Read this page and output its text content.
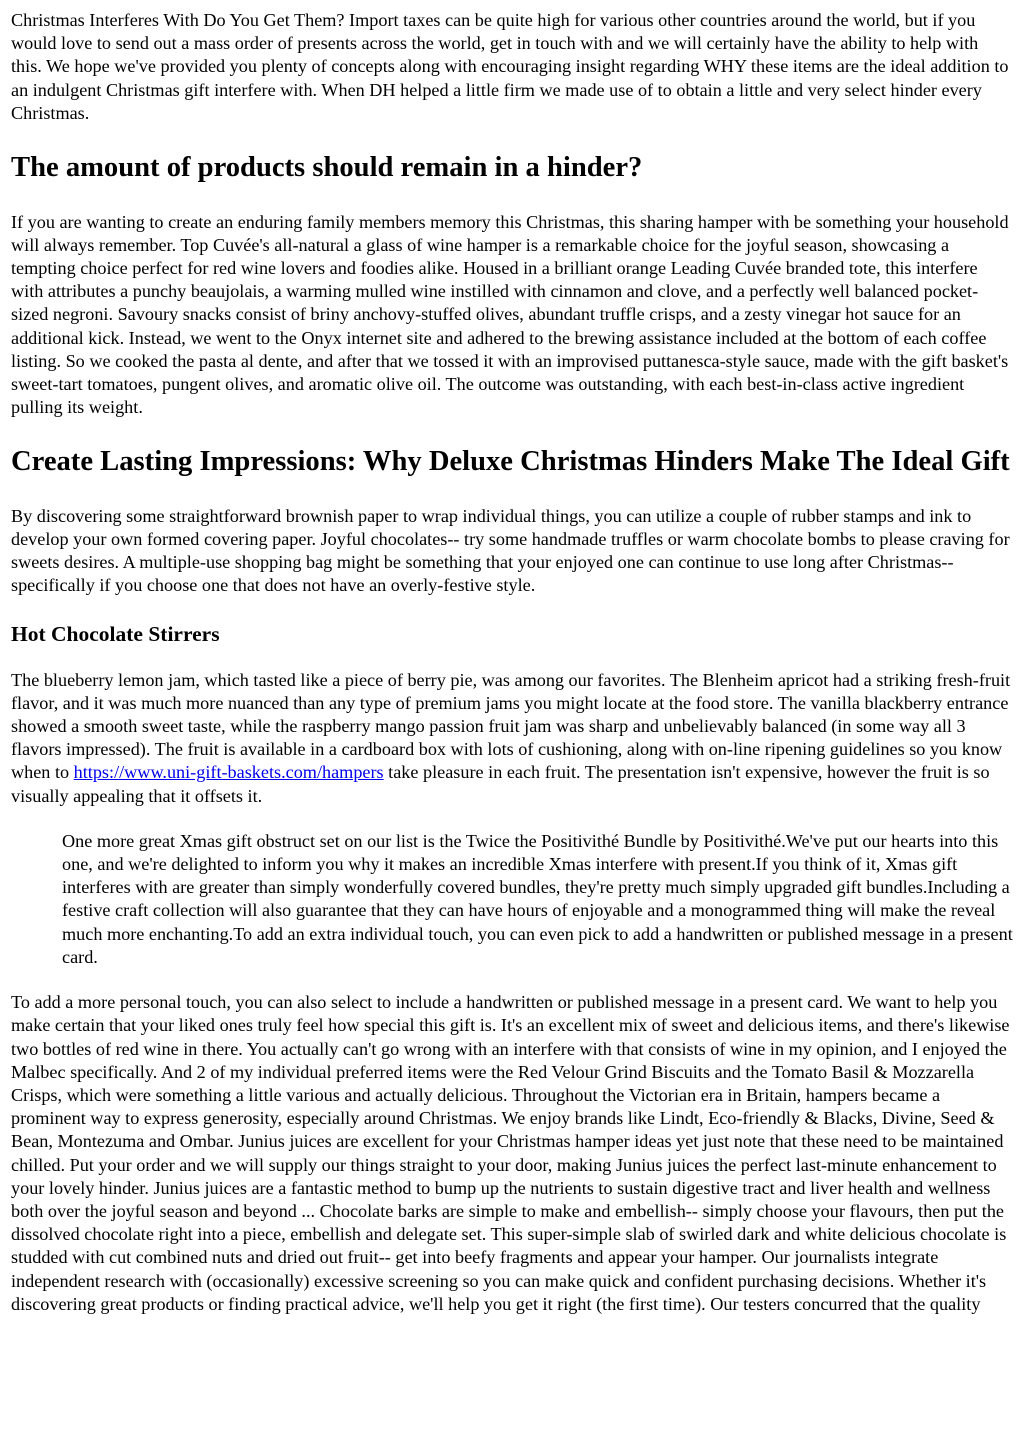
Christmas Interferes With Do You Get Them? Import taxes can be quite high for various other countries around the world, but if you would love to send out a mass order of presents across the world, get in touch with and we will certainly have the ability to help with this. We hope we've provided you plenty of concepts along with encouraging insight regarding WHY these items are the ideal addition to an indulgent Christmas gift interfere with. When DH helped a little firm we made use of to obtain a little and very select hinder every Christmas.

The amount of products should remain in a hinder?

If you are wanting to create an enduring family members memory this Christmas, this sharing hamper with be something your household will always remember. Top Cuvée's all-natural a glass of wine hamper is a remarkable choice for the joyful season, showcasing a tempting choice perfect for red wine lovers and foodies alike. Housed in a brilliant orange Leading Cuvée branded tote, this interfere with attributes a punchy beaujolais, a warming mulled wine instilled with cinnamon and clove, and a perfectly well balanced pocket-sized negroni. Savoury snacks consist of briny anchovy-stuffed olives, abundant truffle crisps, and a zesty vinegar hot sauce for an additional kick. Instead, we went to the Onyx internet site and adhered to the brewing assistance included at the bottom of each coffee listing. So we cooked the pasta al dente, and after that we tossed it with an improvised puttanesca-style sauce, made with the gift basket's sweet-tart tomatoes, pungent olives, and aromatic olive oil. The outcome was outstanding, with each best-in-class active ingredient pulling its weight.

Create Lasting Impressions: Why Deluxe Christmas Hinders Make The Ideal Gift

By discovering some straightforward brownish paper to wrap individual things, you can utilize a couple of rubber stamps and ink to develop your own formed covering paper. Joyful chocolates-- try some handmade truffles or warm chocolate bombs to please craving for sweets desires. A multiple-use shopping bag might be something that your enjoyed one can continue to use long after Christmas-- specifically if you choose one that does not have an overly-festive style.

Hot Chocolate Stirrers

The blueberry lemon jam, which tasted like a piece of berry pie, was among our favorites. The Blenheim apricot had a striking fresh-fruit flavor, and it was much more nuanced than any type of premium jams you might locate at the food store. The vanilla blackberry entrance showed a smooth sweet taste, while the raspberry mango passion fruit jam was sharp and unbelievably balanced (in some way all 3 flavors impressed). The fruit is available in a cardboard box with lots of cushioning, along with on-line ripening guidelines so you know when to https://www.uni-gift-baskets.com/hampers take pleasure in each fruit. The presentation isn't expensive, however the fruit is so visually appealing that it offsets it.

One more great Xmas gift obstruct set on our list is the Twice the Positivithé Bundle by Positivithé.We've put our hearts into this one, and we're delighted to inform you why it makes an incredible Xmas interfere with present.If you think of it, Xmas gift interferes with are greater than simply wonderfully covered bundles, they're pretty much simply upgraded gift bundles.Including a festive craft collection will also guarantee that they can have hours of enjoyable and a monogrammed thing will make the reveal much more enchanting.To add an extra individual touch, you can even pick to add a handwritten or published message in a present card.

To add a more personal touch, you can also select to include a handwritten or published message in a present card. We want to help you make certain that your liked ones truly feel how special this gift is. It's an excellent mix of sweet and delicious items, and there's likewise two bottles of red wine in there. You actually can't go wrong with an interfere with that consists of wine in my opinion, and I enjoyed the Malbec specifically. And 2 of my individual preferred items were the Red Velour Grind Biscuits and the Tomato Basil & Mozzarella Crisps, which were something a little various and actually delicious. Throughout the Victorian era in Britain, hampers became a prominent way to express generosity, especially around Christmas. We enjoy brands like Lindt, Eco-friendly & Blacks, Divine, Seed & Bean, Montezuma and Ombar. Junius juices are excellent for your Christmas hamper ideas yet just note that these need to be maintained chilled. Put your order and we will supply our things straight to your door, making Junius juices the perfect last-minute enhancement to your lovely hinder. Junius juices are a fantastic method to bump up the nutrients to sustain digestive tract and liver health and wellness both over the joyful season and beyond ... Chocolate barks are simple to make and embellish-- simply choose your flavours, then put the dissolved chocolate right into a piece, embellish and delegate set. This super-simple slab of swirled dark and white delicious chocolate is studded with cut combined nuts and dried out fruit-- get into beefy fragments and appear your hamper. Our journalists integrate independent research with (occasionally) excessive screening so you can make quick and confident purchasing decisions. Whether it's discovering great products or finding practical advice, we'll help you get it right (the first time). Our testers concurred that the quality
